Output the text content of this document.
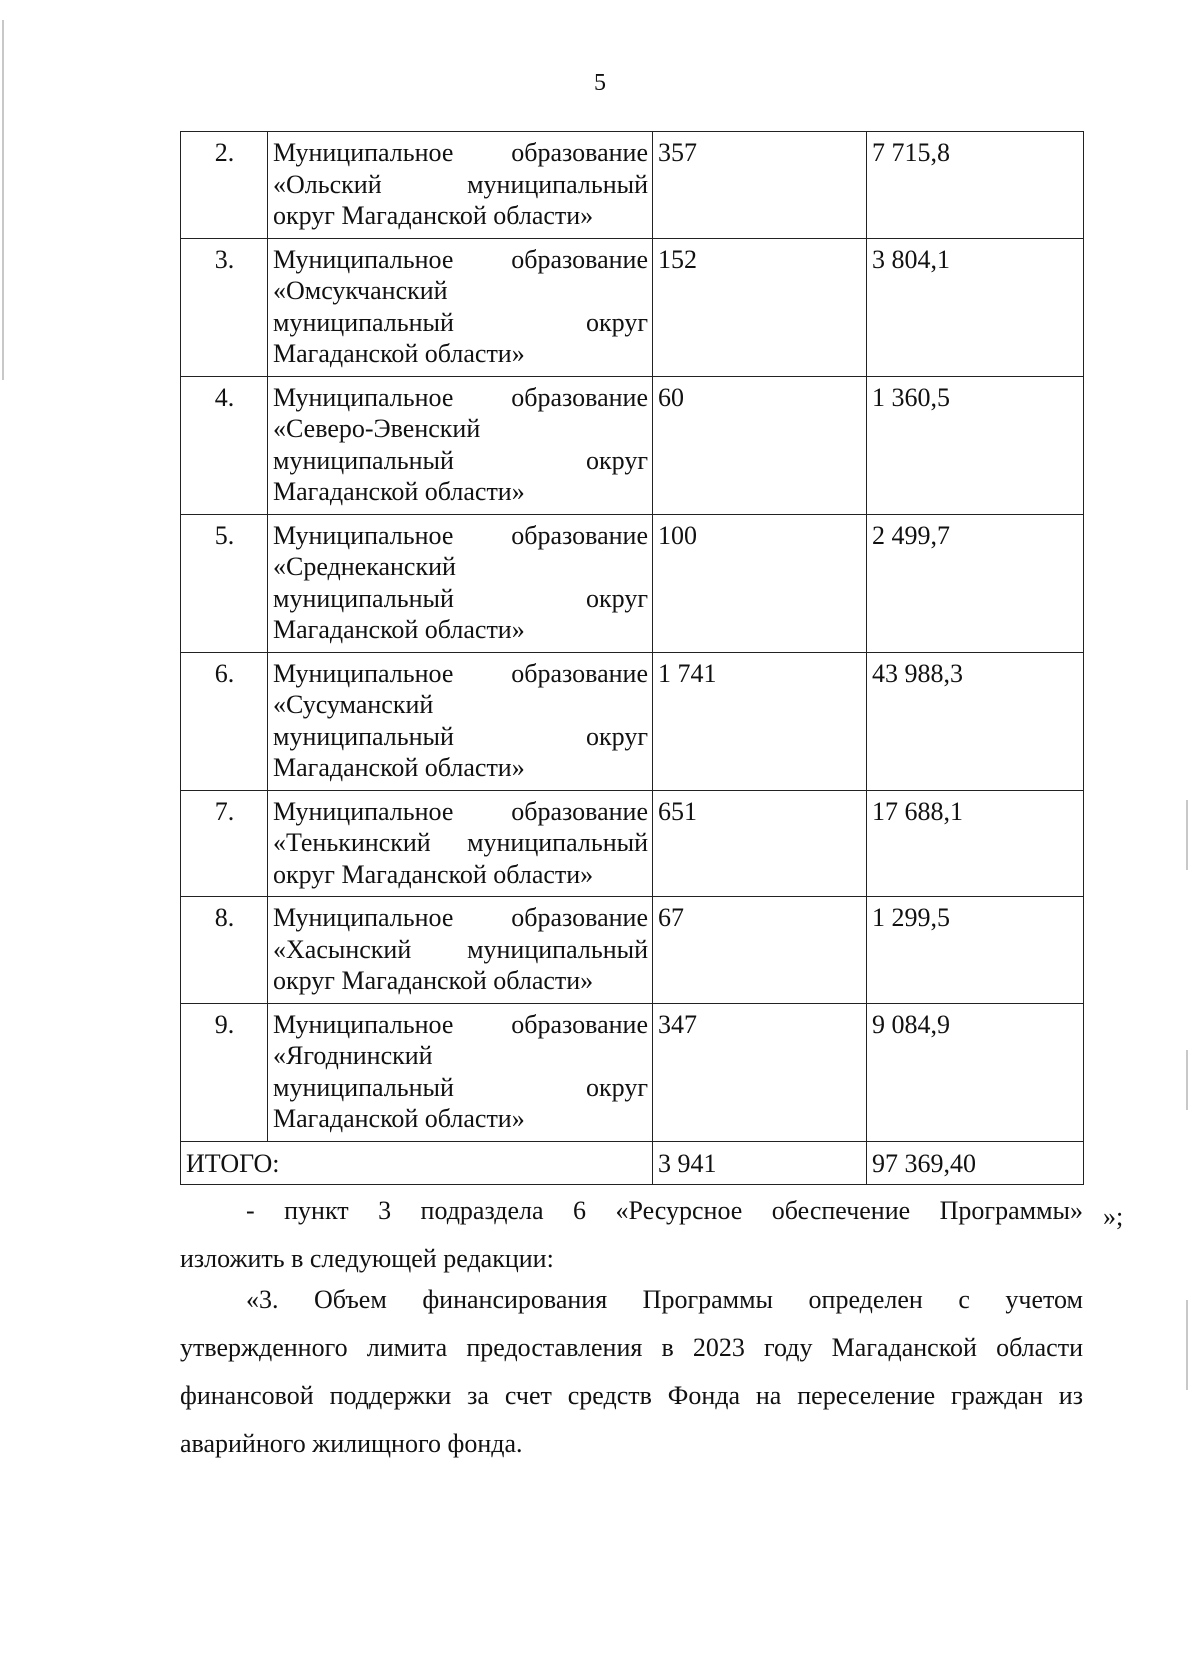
5
2.	Муниципальное образование
«Ольский муниципальный
округ Магаданской области»	357	7 715,8
3.	Муниципальное образование
«Омсукчанский
муниципальный округ
Магаданской области»	152	3 804,1
4.	Муниципальное образование
«Северо-Эвенский
муниципальный округ
Магаданской области»	60	1 360,5
5.	Муниципальное образование
«Среднеканский
муниципальный округ
Магаданской области»	100	2 499,7
6.	Муниципальное образование
«Сусуманский
муниципальный округ
Магаданской области»	1 741	43 988,3
7.	Муниципальное образование
«Тенькинский муниципальный
округ Магаданской области»	651	17 688,1
8.	Муниципальное образование
«Хасынский муниципальный
округ Магаданской области»	67	1 299,5
9.	Муниципальное образование
«Ягоднинский
муниципальный округ
Магаданской области»	347	9 084,9
ИТОГО:		3 941	97 369,40
»;
- пункт 3 подраздела 6 «Ресурсное обеспечение Программы»
изложить в следующей редакции:
«3. Объем финансирования Программы определен с учетом
утвержденного лимита предоставления в 2023 году Магаданской области
финансовой поддержки за счет средств Фонда на переселение граждан из
аварийного жилищного фонда.
